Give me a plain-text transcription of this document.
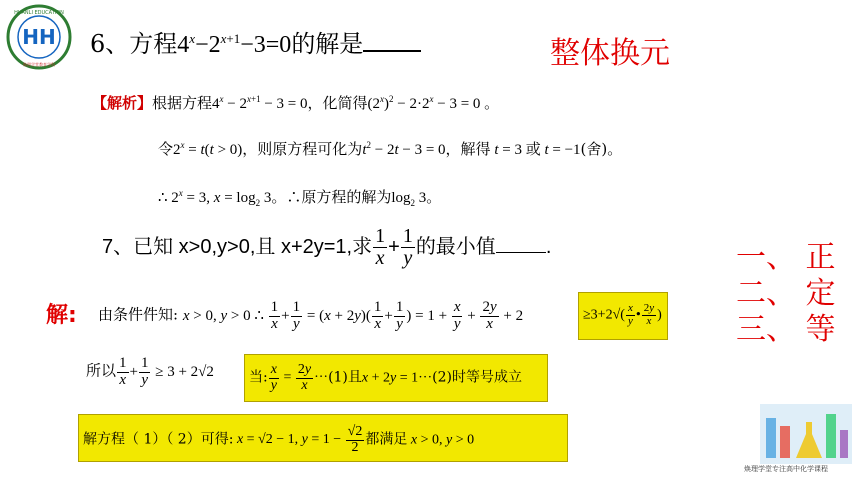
HH
HUANLI EDUCATION
焕理学堂教育学科
6、方程$4^x-2^{x+1}-3=0$的解是	整体换元
【解析】根据方程$4^x - 2^{x+1} - 3 = 0$，化简得$(2^x)^2 - 2\cdot 2^x - 3 = 0$ 。
令$2^x = t(t > 0)$，则原方程可化为$t^2 - 2t - 3 = 0$，解得 t = 3 或 t = −1(舍)。
∴ $2^x = 3$, $x = \log_2 3$。∴原方程的解为$\log_2 3$。
7、已知 x>0,y>0,且 x+2y=1,求 $\frac{1}{x} + \frac{1}{y}$ 的最小值	.	一、 正
二、 定
三、 等
解: 由条件件知: x > 0, y > 0 ∴ $\frac{1}{x} + \frac{1}{y} = (x + 2y)( \frac{1}{x} + \frac{1}{y}$ ) = $1 + \frac{x}{y} + \frac{2y}{x} + 2$	$\ge 3+2√( \frac{x}{y}$ • $\frac{2y}{x}$ )
所以 $\frac{1}{x} + \frac{1}{y} \ge 3 + 2√2$	当: $\frac{x}{y} = \frac{2y}{x} \cdot\cdot\cdot(1)$且x + 2y = 1···(2)时等号成立
解方程（ 1）（ 2）可得: x = √2 − 1, $y = 1 - \frac{√2}{2}$ 都满足 x > 0, y > 0
焕理学堂专注高中化学课程
